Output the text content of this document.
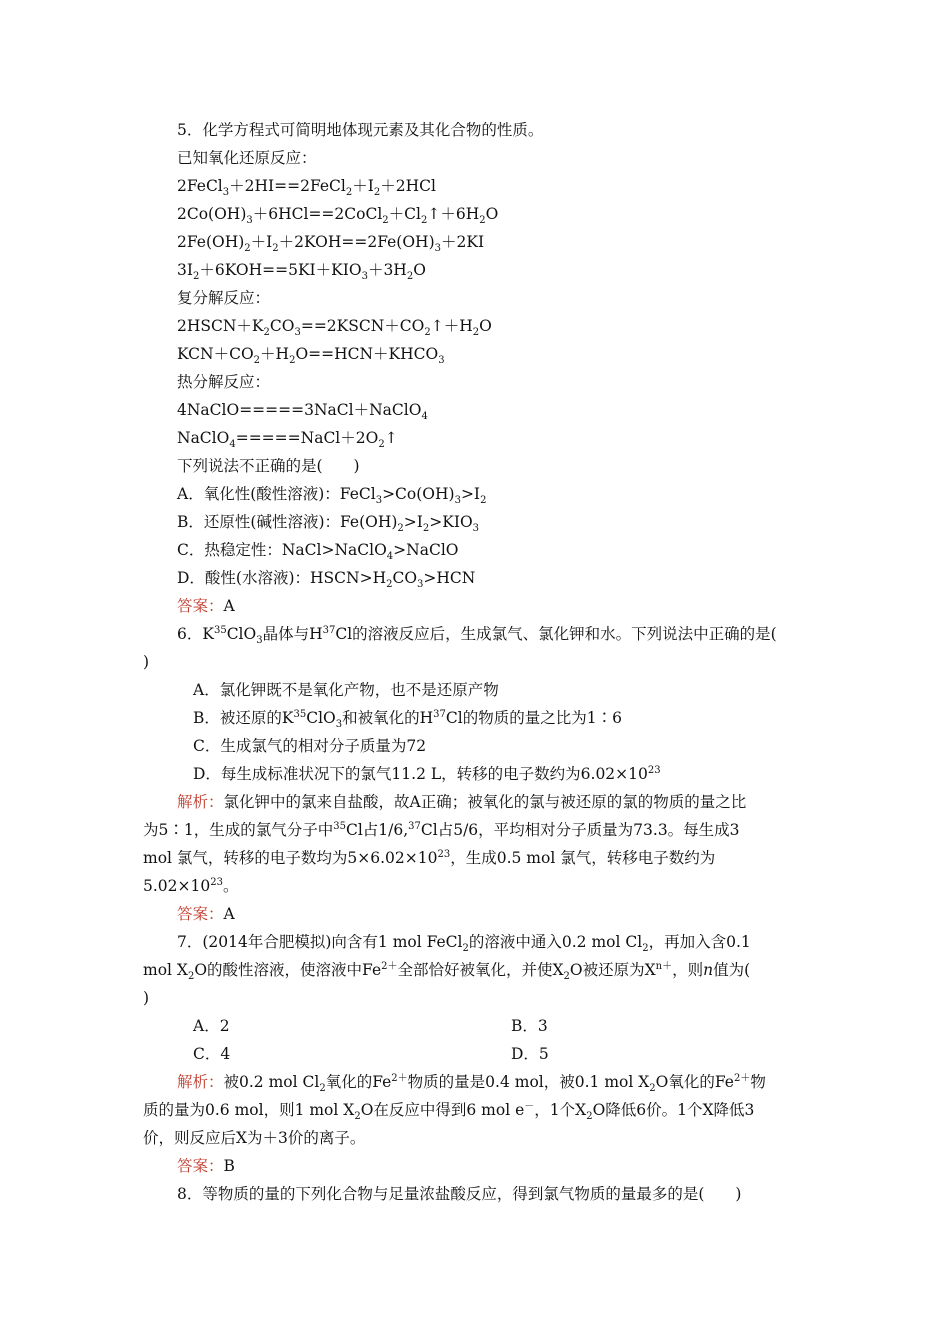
5．化学方程式可简明地体现元素及其化合物的性质。
已知氧化还原反应：
$2FeCl_3+2HI==2FeCl_2+I_2+2HCl$
$2Co(OH)_3+6HCl==2CoCl_2+Cl_2↑+6H_2O$
$2Fe(OH)_2+I_2+2KOH==2Fe(OH)_3+2KI$
$3I_2+6KOH==5KI+KIO_3+3H_2O$
复分解反应：
$2HSCN+K_2CO_3==2KSCN+CO_2↑+H_2O$
$KCN+CO_2+H_2O==HCN+KHCO_3$
热分解反应：
4NaClO=====3NaCl＋NaClO$_4$
$NaClO_4=====NaCl+2O_2↑$
下列说法不正确的是(　　)
A．氧化性(酸性溶液)：$FeCl_3>Co(OH)_3>I_2$
B．还原性(碱性溶液)：$Fe(OH)_2>I_2>KIO_3$
C．热稳定性：NaCl>NaClO$_4$>NaClO
D．酸性(水溶液)：$HSCN>H_2CO_3>HCN$
答案：A
6．$K^{35}ClO_3$晶体与$H^{37}Cl$的溶液反应后，生成氯气、氯化钾和水。下列说法中正确的是(
)
A．氯化钾既不是氧化产物，也不是还原产物
B．被还原的$K^{35}ClO_3$和被氧化的$H^{37}Cl$的物质的量之比为1∶6
C．生成氯气的相对分子质量为72
D．每生成标准状况下的氯气11.2 L，转移的电子数约为$6.02\times 10^{23}$
解析：氯化钾中的氯来自盐酸，故A正确；被氧化的氯与被还原的氯的物质的量之比
为5∶1，生成的氯气分子中$^{35}$Cl占1/6,37Cl占5/6，平均相对分子质量为73.3。每生成3
mol 氯气，转移的电子数均为$5\times 6.02\times 10^{23}$，生成0.5 mol 氯气，转移电子数约为
$5.02\times 10^{23}$。
答案：A
7．(2014年合肥模拟)向含有1 mol FeCl$_2$的溶液中通入0.2 mol $Cl_2$，再加入含0.1
mol $X_2O$的酸性溶液，使溶液中$Fe^{2+}$全部恰好被氧化，并使$X_2O$被还原为$X^{n+}$，则n值为(
)
A．2	B．3
C．4	D．5
解析：被0.2 mol $Cl_2$氧化的$Fe^{2+}$物质的量是0.4 mol，被0.1 mol $X_2O$氧化的$Fe^{2+}$物
质的量为0.6 mol，则1 mol $X_2O$在反应中得到6 mol e－，1个$X_2O$降低6价。1个X降低3
价，则反应后X为＋3价的离子。
答案：B
8．等物质的量的下列化合物与足量浓盐酸反应，得到氯气物质的量最多的是(　　)
